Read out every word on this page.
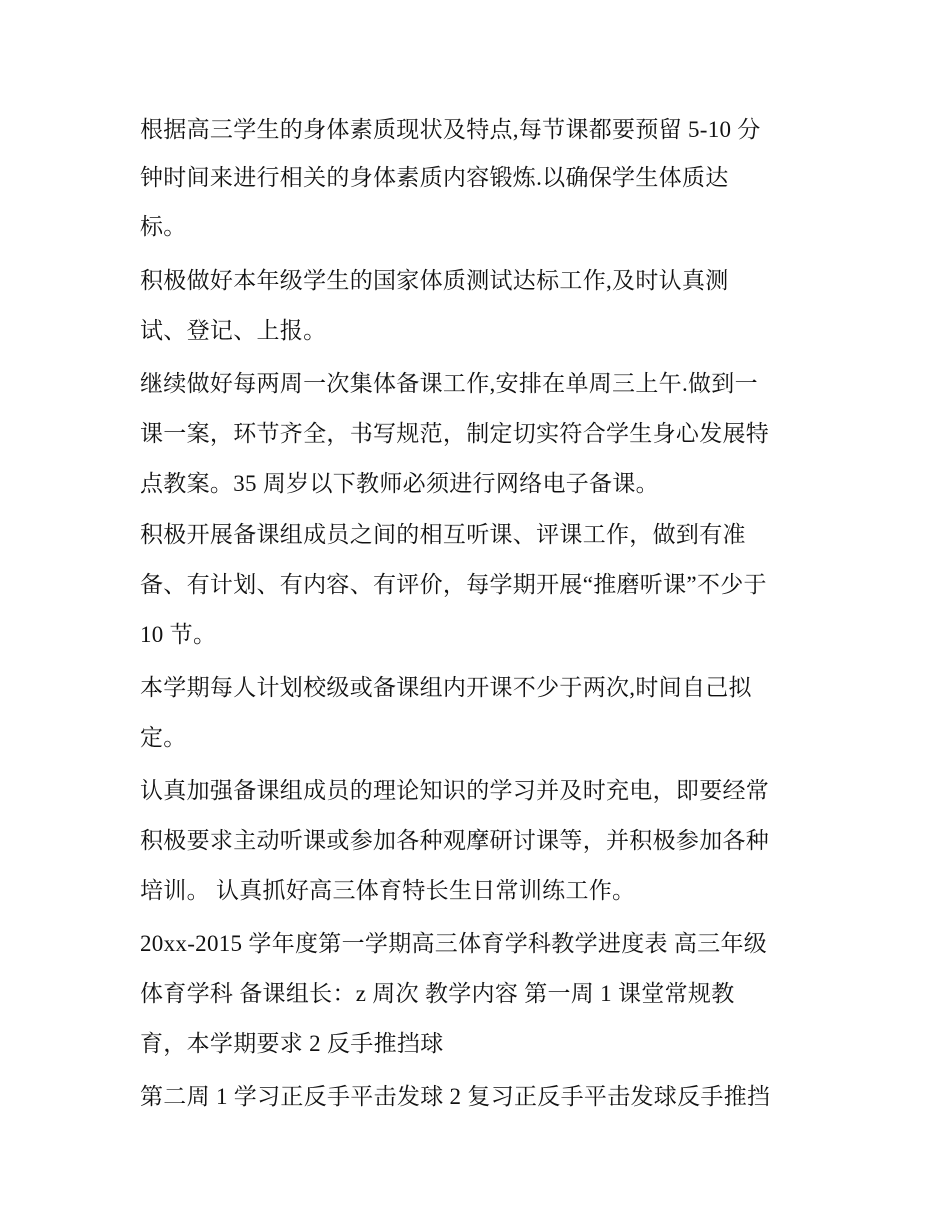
根据高三学生的身体素质现状及特点,每节课都要预留 5-10 分
钟时间来进行相关的身体素质内容锻炼.以确保学生体质达
标。
积极做好本年级学生的国家体质测试达标工作,及时认真测
试、登记、上报。
继续做好每两周一次集体备课工作,安排在单周三上午.做到一
课一案，环节齐全，书写规范，制定切实符合学生身心发展特
点教案。35 周岁以下教师必须进行网络电子备课。
积极开展备课组成员之间的相互听课、评课工作，做到有准
备、有计划、有内容、有评价，每学期开展“推磨听课”不少于
10 节。
本学期每人计划校级或备课组内开课不少于两次,时间自己拟
定。
认真加强备课组成员的理论知识的学习并及时充电，即要经常
积极要求主动听课或参加各种观摩研讨课等，并积极参加各种
培训。 认真抓好高三体育特长生日常训练工作。
20xx-2015 学年度第一学期高三体育学科教学进度表 高三年级
体育学科 备课组长：z 周次 教学内容 第一周 1 课堂常规教
育，本学期要求 2 反手推挡球
第二周 1 学习正反手平击发球 2 复习正反手平击发球反手推挡
